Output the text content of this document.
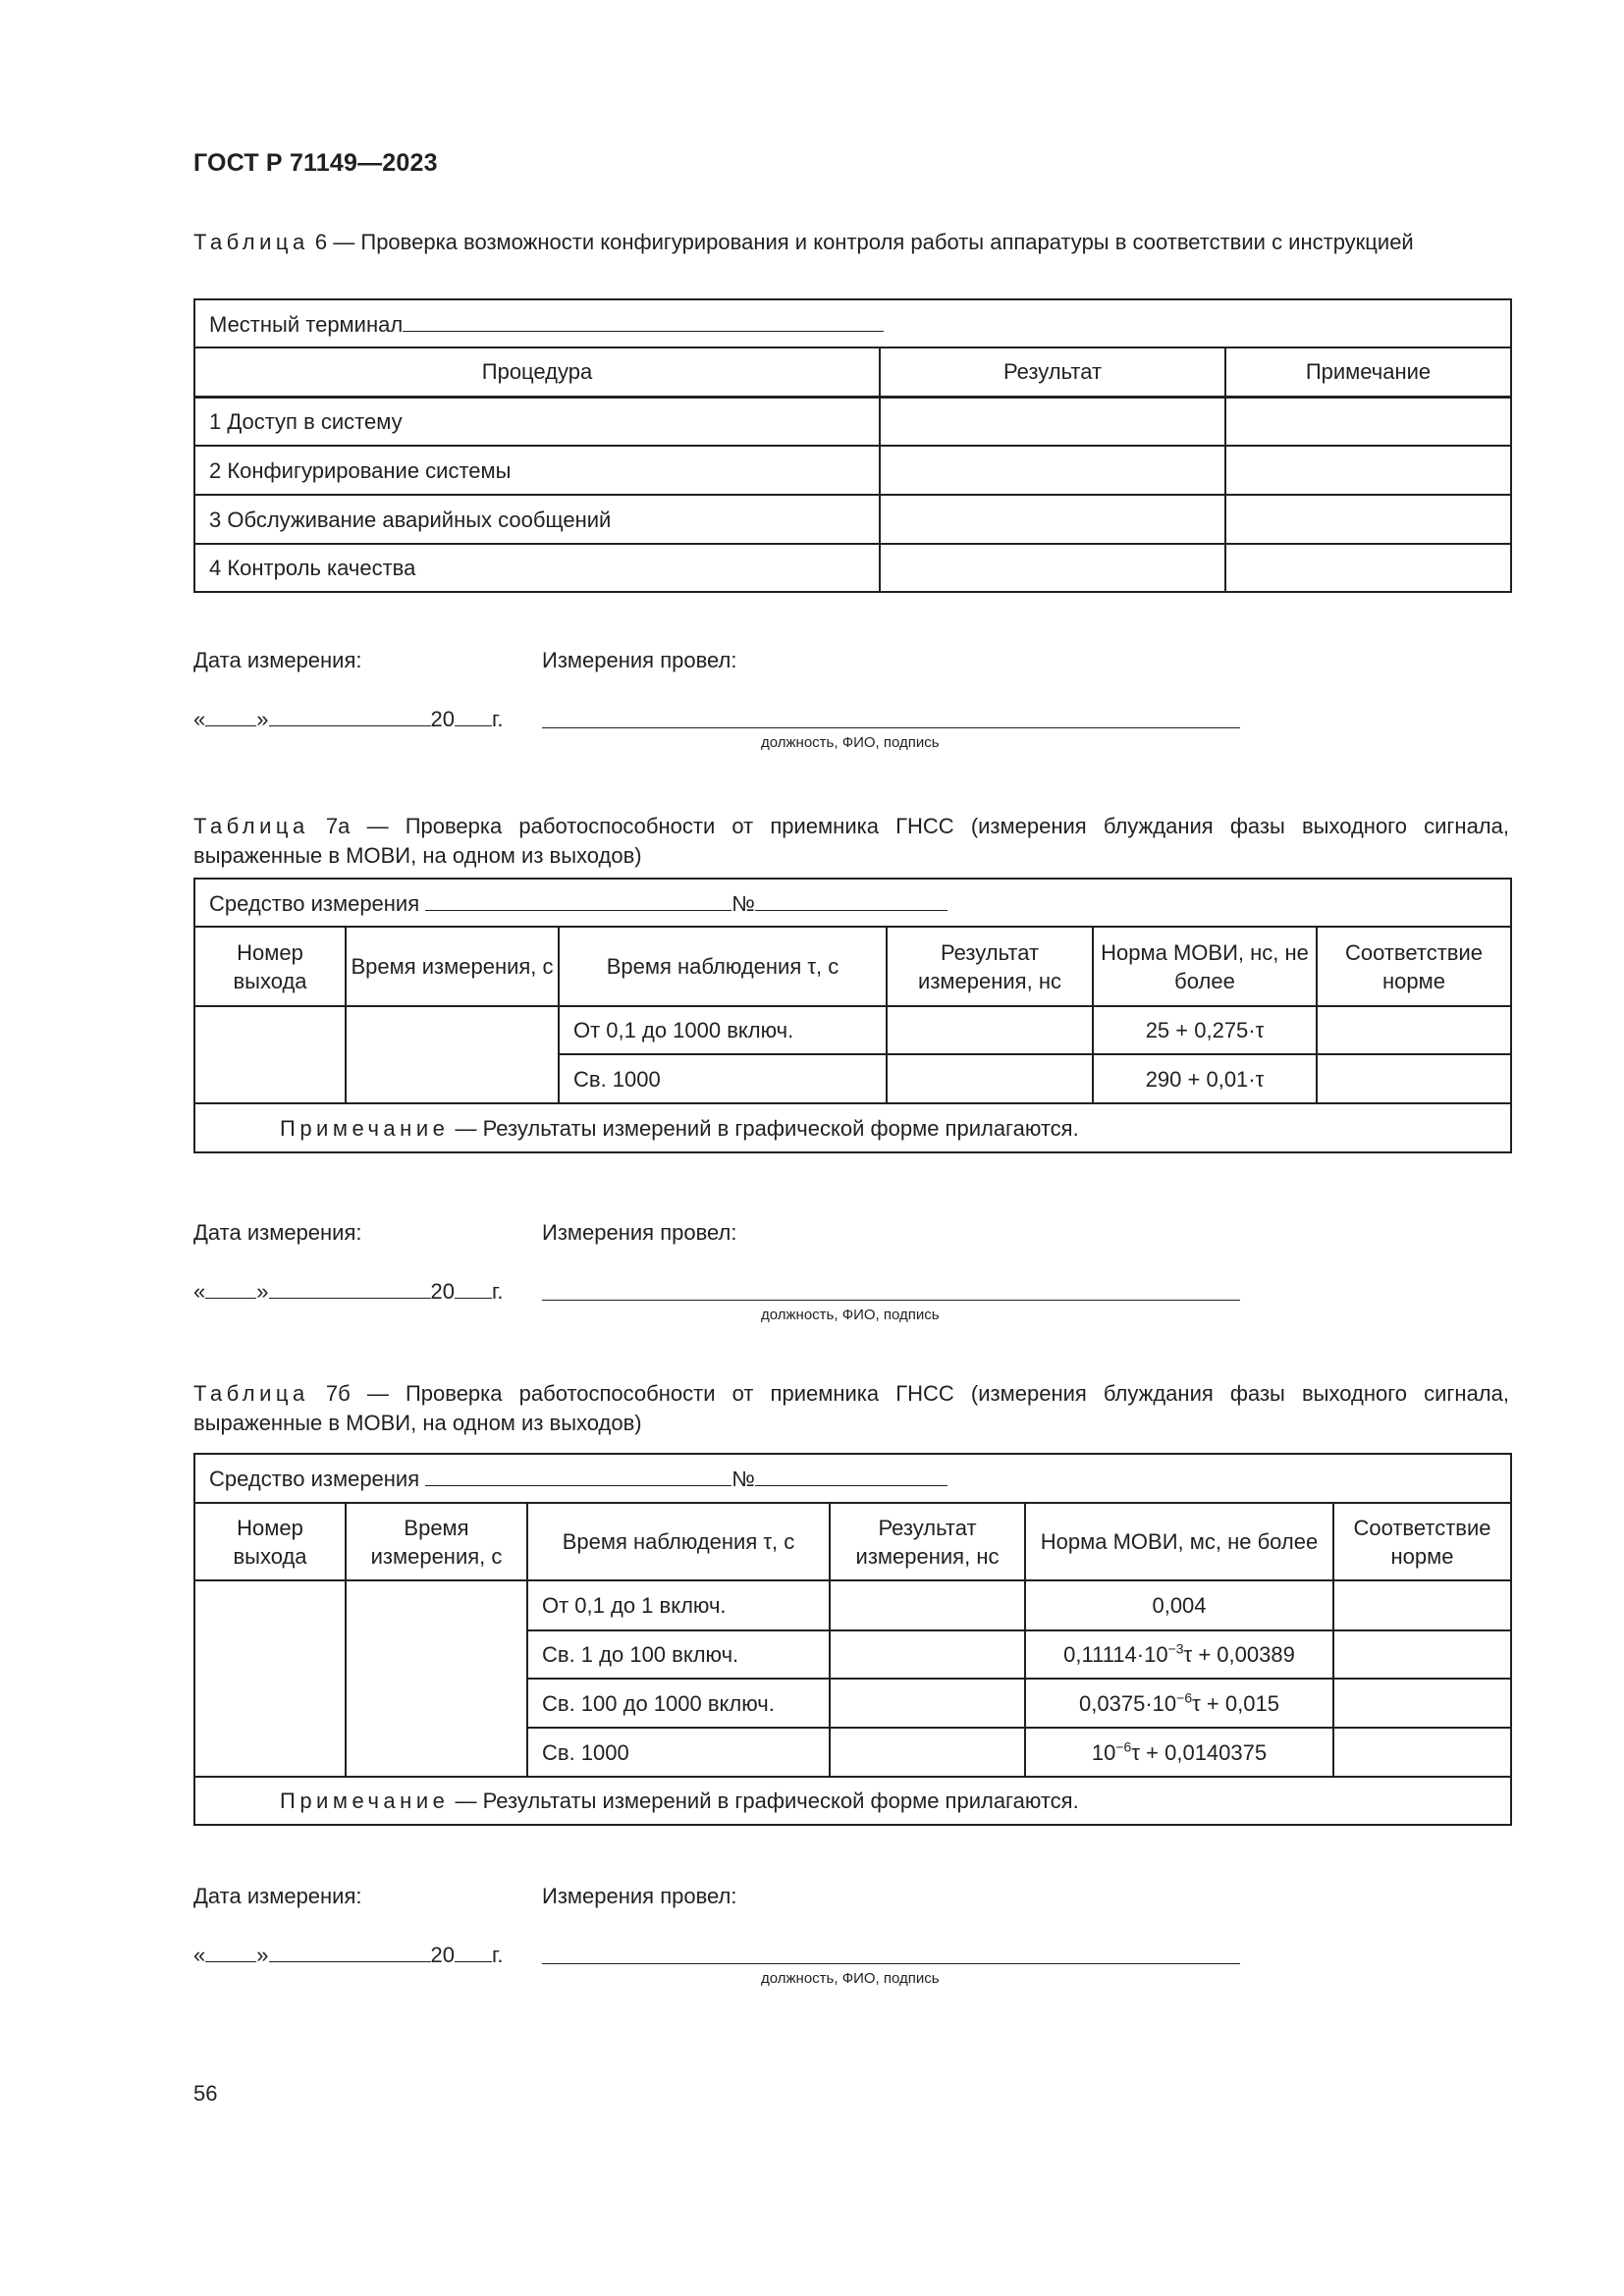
ГОСТ Р 71149—2023
Таблица 6 — Проверка возможности конфигурирования и контроля работы аппаратуры в соответствии с инструкцией
Местный терминал		
Процедура	Результат	Примечание
1 Доступ в систему		
2 Конфигурирование системы		
3 Обслуживание аварийных сообщений		
4 Контроль качества		
Дата измерения:	Измерения провел:
« »	20 г.
должность, ФИО, подпись
Таблица 7а — Проверка работоспособности от приемника ГНСС (измерения блуждания фазы выходного сигнала, выраженные в МОВИ, на одном из выходов)
Средство измерения №					
Номер выхода	Время измерения, с	Время наблюдения τ, с	Результат измерения, нс	Норма МОВИ, нс, не более	Соответствие норме
		От 0,1 до 1000 включ.		25 + 0,275·τ	
		Св. 1000		290 + 0,01·τ	
Примечание — Результаты измерений в графической форме прилагаются.					
Дата измерения:	Измерения провел:
« »	20 г.
должность, ФИО, подпись
Таблица 7б — Проверка работоспособности от приемника ГНСС (измерения блуждания фазы выходного сигнала, выраженные в МОВИ, на одном из выходов)
Средство измерения №					
Номер выхода	Время измерения, с	Время наблюдения τ, с	Результат измерения, нс	Норма МОВИ, мс, не более	Соответствие норме
		От 0,1 до 1 включ.		0,004	
		Св. 1 до 100 включ.		$0,11114\cdot 10^{-3}\tau + 0,00389$	
		Св. 100 до 1000 включ.		$0,0375\cdot 10^{-6}\tau + 0,015$	
		Св. 1000		$10^{-6}\tau + 0,0140375$	
Примечание — Результаты измерений в графической форме прилагаются.					
Дата измерения:	Измерения провел:
« »	20 г.
должность, ФИО, подпись
56
